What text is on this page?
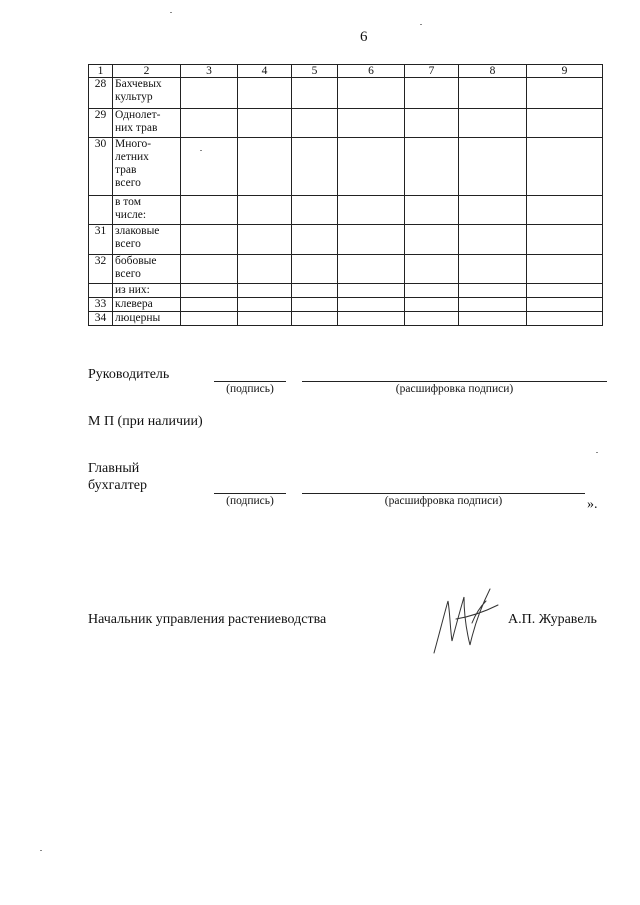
6
1	2	3	4	5	6	7	8	9
28	Бахчевых
культур							
29	Однолет-
них трав							
30	Много-
летних
трав
всего							
	в том
числе:							
31	злаковые
всего							
32	бобовые
всего							
	из них:							
33	клевера							
34	люцерны							
Руководитель
(подпись)	(расшифровка подписи)
М П (при наличии)
Главный
бухгалтер
(подпись)	(расшифровка подписи)	».
Начальник управления растениеводства	А.П. Журавель
